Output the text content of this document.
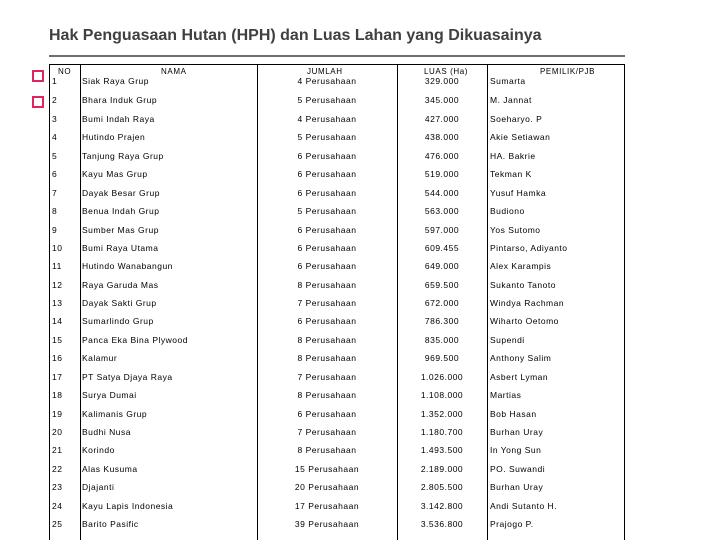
Hak Penguasaan Hutan (HPH) dan Luas Lahan yang Dikuasainya
NO	NAMA	JUMLAH	LUAS (Ha)	PEMILIK/PJB
1	Siak Raya Grup	4 Perusahaan	329.000	Sumarta
2	Bhara Induk Grup	5 Perusahaan	345.000	M. Jannat
3	Bumi Indah Raya	4 Perusahaan	427.000	Soeharyo. P
4	Hutindo Prajen	5 Perusahaan	438.000	Akie Setiawan
5	Tanjung Raya Grup	6 Perusahaan	476.000	HA. Bakrie
6	Kayu Mas Grup	6 Perusahaan	519.000	Tekman K
7	Dayak Besar Grup	6 Perusahaan	544.000	Yusuf Hamka
8	Benua Indah Grup	5 Perusahaan	563.000	Budiono
9	Sumber Mas Grup	6 Perusahaan	597.000	Yos Sutomo
10 Bumi Raya Utama	6 Perusahaan	609.455	Pintarso, Adiyanto
11 Hutindo Wanabangun	6 Perusahaan	649.000	Alex Karampis
12 Raya Garuda Mas	8 Perusahaan	659.500	Sukanto Tanoto
13 Dayak Sakti Grup	7 Perusahaan	672.000	Windya Rachman
14 Sumarlindo Grup	6 Perusahaan	786.300	Wiharto Oetomo
15 Panca Eka Bina Plywood	8 Perusahaan	835.000	Supendi
16 Kalamur	8 Perusahaan	969.500	Anthony Salim
17 PT Satya Djaya Raya	7 Perusahaan	1.026.000	Asbert Lyman
18 Surya Dumai	8 Perusahaan	1.108.000	Martias
19 Kalimanis Grup	6 Perusahaan	1.352.000	Bob Hasan
20 Budhi Nusa	7 Perusahaan	1.180.700	Burhan Uray
21 Korindo	8 Perusahaan	1.493.500	In Yong Sun
22 Alas Kusuma	15 Perusahaan	2.189.000	PO. Suwandi
23 Djajanti	20 Perusahaan	2.805.500	Burhan Uray
24 Kayu Lapis Indonesia	17 Perusahaan	3.142.800	Andi Sutanto H.
25 Barito Pasific	39 Perusahaan	3.536.800	Prajogo P.
